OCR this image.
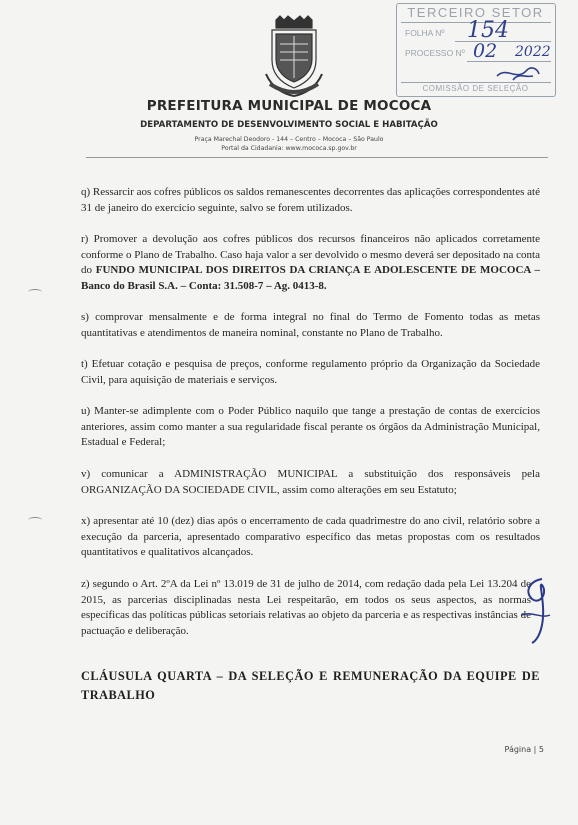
PREFEITURA MUNICIPAL DE MOCOCA
DEPARTAMENTO DE DESENVOLVIMENTO SOCIAL E HABITAÇÃO
Praça Marechal Deodoro - 144 – Centro – Mococa – São Paulo
Portal da Cidadania: www.mococa.sp.gov.br
TERCEIRO SETOR
FOLHA Nº 154
PROCESSO Nº 02 2022
COMISSÃO DE SELEÇÃO

q) Ressarcir aos cofres públicos os saldos remanescentes decorrentes das aplicações correspondentes até 31 de janeiro do exercício seguinte, salvo se forem utilizados.

r) Promover a devolução aos cofres públicos dos recursos financeiros não aplicados corretamente conforme o Plano de Trabalho. Caso haja valor a ser devolvido o mesmo deverá ser depositado na conta do FUNDO MUNICIPAL DOS DIREITOS DA CRIANÇA E ADOLESCENTE DE MOCOCA – Banco do Brasil S.A. – Conta: 31.508-7 – Ag. 0413-8.

s) comprovar mensalmente e de forma integral no final do Termo de Fomento todas as metas quantitativas e atendimentos de maneira nominal, constante no Plano de Trabalho.

t) Efetuar cotação e pesquisa de preços, conforme regulamento próprio da Organização da Sociedade Civil, para aquisição de materiais e serviços.

u) Manter-se adimplente com o Poder Público naquilo que tange a prestação de contas de exercícios anteriores, assim como manter a sua regularidade fiscal perante os órgãos da Administração Municipal, Estadual e Federal;

v) comunicar a ADMINISTRAÇÃO MUNICIPAL a substituição dos responsáveis pela ORGANIZAÇÃO DA SOCIEDADE CIVIL, assim como alterações em seu Estatuto;

x) apresentar até 10 (dez) dias após o encerramento de cada quadrimestre do ano civil, relatório sobre a execução da parceria, apresentado comparativo específico das metas propostas com os resultados quantitativos e qualitativos alcançados.

z) segundo o Art. 2ºA da Lei nº 13.019 de 31 de julho de 2014, com redação dada pela Lei 13.204 de 2015, as parcerias disciplinadas nesta Lei respeitarão, em todos os seus aspectos, as normas específicas das políticas públicas setoriais relativas ao objeto da parceria e as respectivas instâncias de pactuação e deliberação.

CLÁUSULA QUARTA – DA SELEÇÃO E REMUNERAÇÃO DA EQUIPE DE TRABALHO
Página | 5
